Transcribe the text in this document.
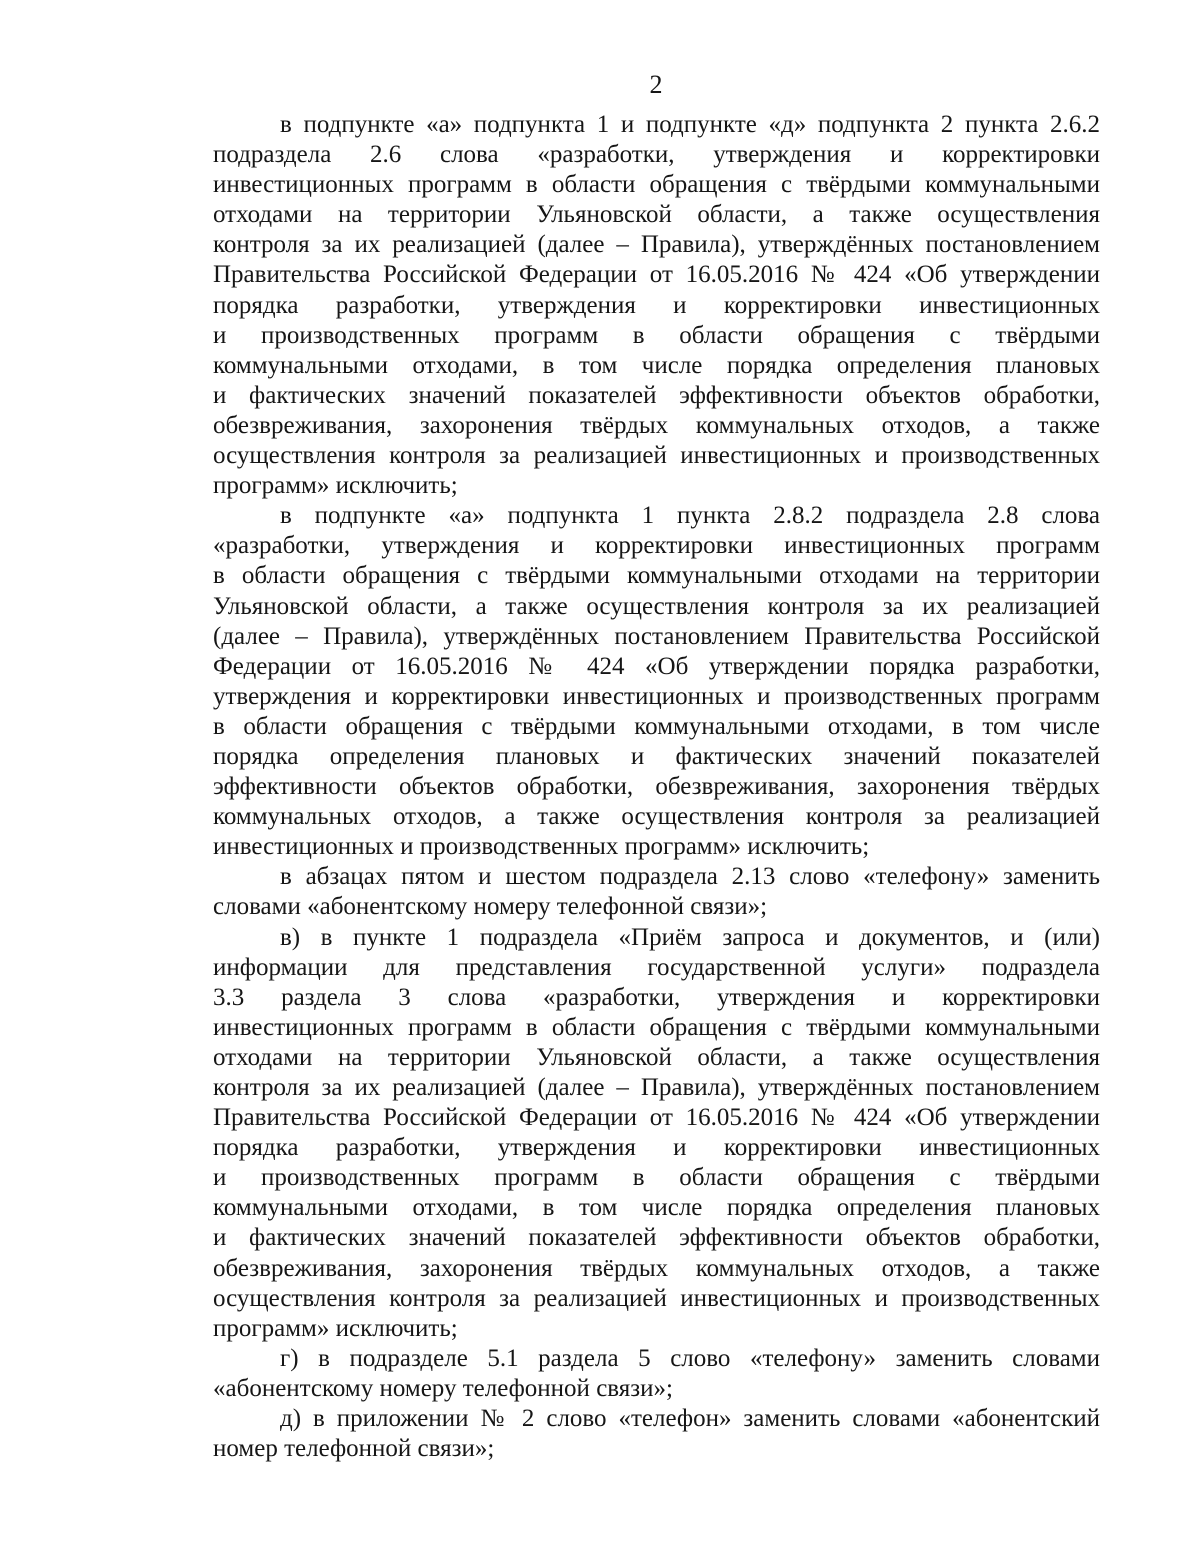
2

в подпункте «а» подпункта 1 и подпункте «д» подпункта 2 пункта 2.6.2
подраздела 2.6 слова «разработки, утверждения и корректировки
инвестиционных программ в области обращения с твёрдыми коммунальными
отходами на территории Ульяновской области, а также осуществления
контроля за их реализацией (далее – Правила), утверждённых постановлением
Правительства Российской Федерации от 16.05.2016 № 424 «Об утверждении
порядка разработки, утверждения и корректировки инвестиционных
и производственных программ в области обращения с твёрдыми
коммунальными отходами, в том числе порядка определения плановых
и фактических значений показателей эффективности объектов обработки,
обезвреживания, захоронения твёрдых коммунальных отходов, а также
осуществления контроля за реализацией инвестиционных и производственных
программ» исключить;

в подпункте «а» подпункта 1 пункта 2.8.2 подраздела 2.8 слова
«разработки, утверждения и корректировки инвестиционных программ
в области обращения с твёрдыми коммунальными отходами на территории
Ульяновской области, а также осуществления контроля за их реализацией
(далее – Правила), утверждённых постановлением Правительства Российской
Федерации от 16.05.2016 № 424 «Об утверждении порядка разработки,
утверждения и корректировки инвестиционных и производственных программ
в области обращения с твёрдыми коммунальными отходами, в том числе
порядка определения плановых и фактических значений показателей
эффективности объектов обработки, обезвреживания, захоронения твёрдых
коммунальных отходов, а также осуществления контроля за реализацией
инвестиционных и производственных программ» исключить;

в абзацах пятом и шестом подраздела 2.13 слово «телефону» заменить
словами «абонентскому номеру телефонной связи»;

в) в пункте 1 подраздела «Приём запроса и документов, и (или)
информации для представления государственной услуги» подраздела
3.3 раздела 3 слова «разработки, утверждения и корректировки
инвестиционных программ в области обращения с твёрдыми коммунальными
отходами на территории Ульяновской области, а также осуществления
контроля за их реализацией (далее – Правила), утверждённых постановлением
Правительства Российской Федерации от 16.05.2016 № 424 «Об утверждении
порядка разработки, утверждения и корректировки инвестиционных
и производственных программ в области обращения с твёрдыми
коммунальными отходами, в том числе порядка определения плановых
и фактических значений показателей эффективности объектов обработки,
обезвреживания, захоронения твёрдых коммунальных отходов, а также
осуществления контроля за реализацией инвестиционных и производственных
программ» исключить;

г) в подразделе 5.1 раздела 5 слово «телефону» заменить словами
«абонентскому номеру телефонной связи»;

д) в приложении № 2 слово «телефон» заменить словами «абонентский
номер телефонной связи»;
